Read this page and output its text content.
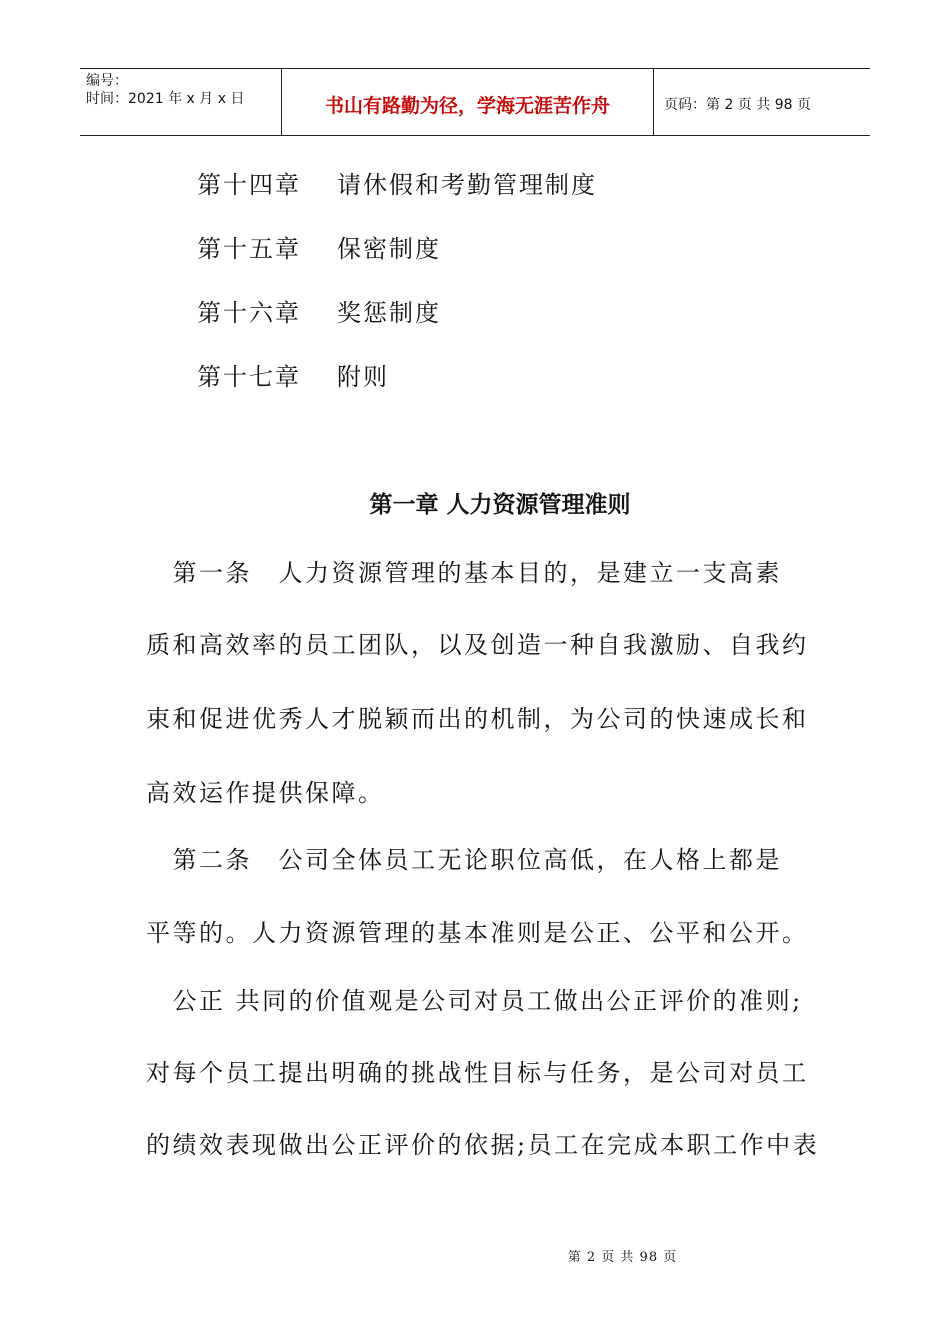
编号：
时间：2021 年 x 月 x 日	书山有路勤为径，学海无涯苦作舟	页码：第 2 页 共 98 页
第十四章 请休假和考勤管理制度
第十五章 保密制度
第十六章 奖惩制度
第十七章 附则
第一章 人力资源管理准则
　第一条　人力资源管理的基本目的，是建立一支高素
质和高效率的员工团队，以及创造一种自我激励、自我约
束和促进优秀人才脱颖而出的机制，为公司的快速成长和
高效运作提供保障。
　第二条　公司全体员工无论职位高低，在人格上都是
平等的。人力资源管理的基本准则是公正、公平和公开。
　公正 共同的价值观是公司对员工做出公正评价的准则;
对每个员工提出明确的挑战性目标与任务，是公司对员工
的绩效表现做出公正评价的依据;员工在完成本职工作中表
第 2 页 共 98 页
